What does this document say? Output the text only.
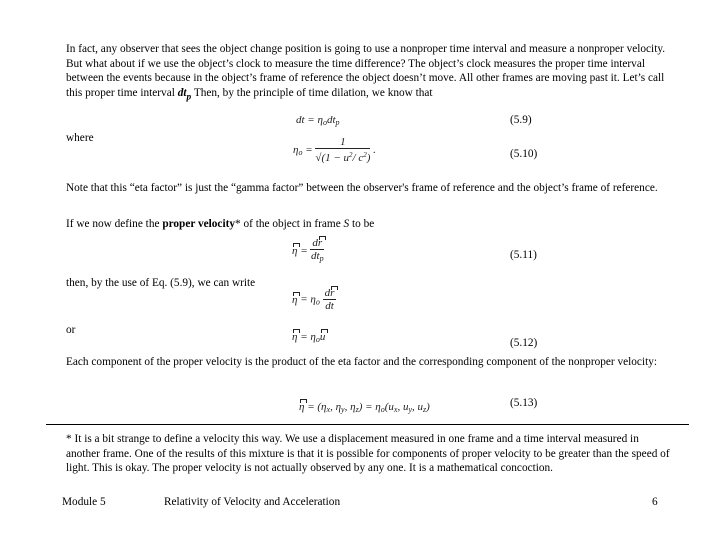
In fact, any observer that sees the object change position is going to use a nonproper time interval and measure a nonproper velocity. But what about if we use the object’s clock to measure the time difference? The object’s clock measures the proper time interval between the events because in the object’s frame of reference the object doesn’t move. All other frames are moving past it. Let’s call this proper time interval $dt_p$ Then, by the principle of time dilation, we know that
dt = $\eta_odt_p$	(5.9)
where
$\eta_o = \frac{1}{√(1 - u^2/ c^2)}$ .	(5.10)
Note that this “eta factor” is just the “gamma factor” between the observer's frame of reference and the object’s frame of reference.
If we now define the proper velocity* of the object in frame S to be
$\eta = \frac{dr}{dt_p}$	(5.11)
then, by the use of Eq. (5.9), we can write
$\eta = \eta_o \frac{dr}{dt}$
or
$\eta = \eta_ou$	(5.12)
Each component of the proper velocity is the product of the eta factor and the corresponding component of the nonproper velocity:
$\eta = (\eta_x$, $\eta_y$, $\eta_z) = \eta_o(u_x$, $u_y$, $u_z$)	(5.13)
* It is a bit strange to define a velocity this way. We use a displacement measured in one frame and a time interval measured in another frame. One of the results of this mixture is that it is possible for components of proper velocity to be greater than the speed of light. This is okay. The proper velocity is not actually observed by any one. It is a mathematical concoction.
Module 5	Relativity of Velocity and Acceleration	6
